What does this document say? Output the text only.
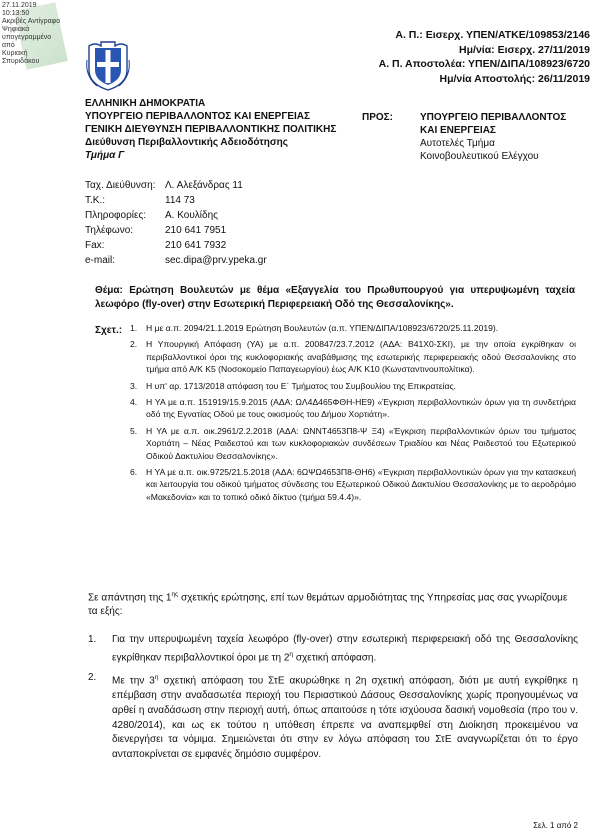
27.11.2019 10:13:50
Ακριβές Αντίγραφο
Ψηφιακά
υπογεγραμμένο
από
Κυριακή
Σπυριδάκου
Α. Π.: Εισερχ. ΥΠΕΝ/ΑΤΚΕ/109853/2146
Ημ/νία: Εισερχ. 27/11/2019
Α. Π. Αποστολέα: ΥΠΕΝ/ΔΙΠΑ/108923/6720
Ημ/νία Αποστολής: 26/11/2019
ΕΛΛΗΝΙΚΗ ΔΗΜΟΚΡΑΤΙΑ
ΥΠΟΥΡΓΕΙΟ ΠΕΡΙΒΑΛΛΟΝΤΟΣ ΚΑΙ ΕΝΕΡΓΕΙΑΣ
ΓΕΝΙΚΗ ΔΙΕΥΘΥΝΣΗ ΠΕΡΙΒΑΛΛΟΝΤΙΚΗΣ ΠΟΛΙΤΙΚΗΣ
Διεύθυνση Περιβαλλοντικής Αδειοδότησης
Τμήμα Γ
Ταχ. Διεύθυνση: Λ. Αλεξάνδρας 11
Τ.Κ.:	114 73
Πληροφορίες:	Α. Κουλίδης
Τηλέφωνο:	210 641 7951
Fax:	210 641 7932
e-mail:	sec.dipa@prv.ypeka.gr
ΠΡΟΣ:	ΥΠΟΥΡΓΕΙΟ ΠΕΡΙΒΑΛΛΟΝΤΟΣ
ΚΑΙ ΕΝΕΡΓΕΙΑΣ
Αυτοτελές Τμήμα
Κοινοβουλευτικού Ελέγχου
Θέμα: Ερώτηση Βουλευτών με θέμα «Εξαγγελία του Πρωθυπουργού για υπερυψωμένη ταχεία λεωφόρο (fly-over) στην Εσωτερική Περιφερειακή Οδό της Θεσσαλονίκης».
Σχετ.: 1.	Η με α.π. 2094/21.1.2019 Ερώτηση Βουλευτών (α.π. ΥΠΕΝ/ΔΙΠΑ/108923/6720/25.11.2019).
2.	Η Υπουργική Απόφαση (ΥΑ) με α.π. 200847/23.7.2012 (ΑΔΑ: Β41Χ0-ΣΚΙ), με την οποία εγκρίθηκαν οι περιβαλλοντικοί όροι της κυκλοφοριακής αναβάθμισης της εσωτερικής περιφερειακής οδού Θεσσαλονίκης στο τμήμα από Α/Κ Κ5 (Νοσοκομείο Παπαγεωργίου) έως Α/Κ Κ10 (Κωνσταντινουπολίτικα).
3.	Η υπ' αρ. 1713/2018 απόφαση του Ε΄ Τμήματος του Συμβουλίου της Επικρατείας.
4.	Η ΥΑ με α.π. 151919/15.9.2015 (ΑΔΑ: ΩΛ4Δ465ΦΘΗ-ΗΕ9) «Έγκριση περιβαλλοντικών όρων για τη συνδετήρια οδό της Εγνατίας Οδού με τους οικισμούς του Δήμου Χορτιάτη».
5.	Η ΥΑ με α.π. οικ.2961/2.2.2018 (ΑΔΑ: ΩΝΝΤ4653Π8-Ψ Ξ4) «Έγκριση περιβαλλοντικών όρων του τμήματος Χορτιάτη – Νέας Ραιδεστού και των κυκλοφοριακών συνδέσεων Τριαδίου και Νέας Ραιδεστού του Εξωτερικού Οδικού Δακτυλίου Θεσσαλονίκης».
6.	Η ΥΑ με α.π. οικ.9725/21.5.2018 (ΑΔΑ: 6ΩΨΩ4653Π8-ΘΗ6) «Έγκριση περιβαλλοντικών όρων για την κατασκευή και λειτουργία του οδικού τμήματος σύνδεσης του Εξωτερικού Οδικού Δακτυλίου Θεσσαλονίκης με το αεροδρόμιο «Μακεδονία» και το τοπικό οδικό δίκτυο (τμήμα 59.4.4)».
Σε απάντηση της $1^{\eta\varsigma}$ σχετικής ερώτησης, επί των θεμάτων αρμοδιότητας της Υπηρεσίας μας σας γνωρίζουμε τα εξής:
1.	Για την υπερυψωμένη ταχεία λεωφόρο (fly-over) στην εσωτερική περιφερειακή οδό της Θεσσαλονίκης εγκρίθηκαν περιβαλλοντικοί όροι με τη $2^\eta$ σχετική απόφαση.
2.	Με την $3^\eta$ σχετική απόφαση του ΣτΕ ακυρώθηκε η 2η σχετική απόφαση, διότι με αυτή εγκρίθηκε η επέμβαση στην αναδασωτέα περιοχή του Περιαστικού Δάσους Θεσσαλονίκης χωρίς προηγουμένως να αρθεί η αναδάσωση στην περιοχή αυτή, όπως απαιτούσε η τότε ισχύουσα δασική νομοθεσία (προ του ν. 4280/2014), και ως εκ τούτου η υπόθεση έπρεπε να αναπεμφθεί στη Διοίκηση προκειμένου να διενεργήσει τα νόμιμα. Σημειώνεται ότι στην εν λόγω απόφαση του ΣτΕ αναγνωρίζεται ότι το έργο ανταποκρίνεται σε εμφανές δημόσιο συμφέρον.
Σελ. 1 από 2
